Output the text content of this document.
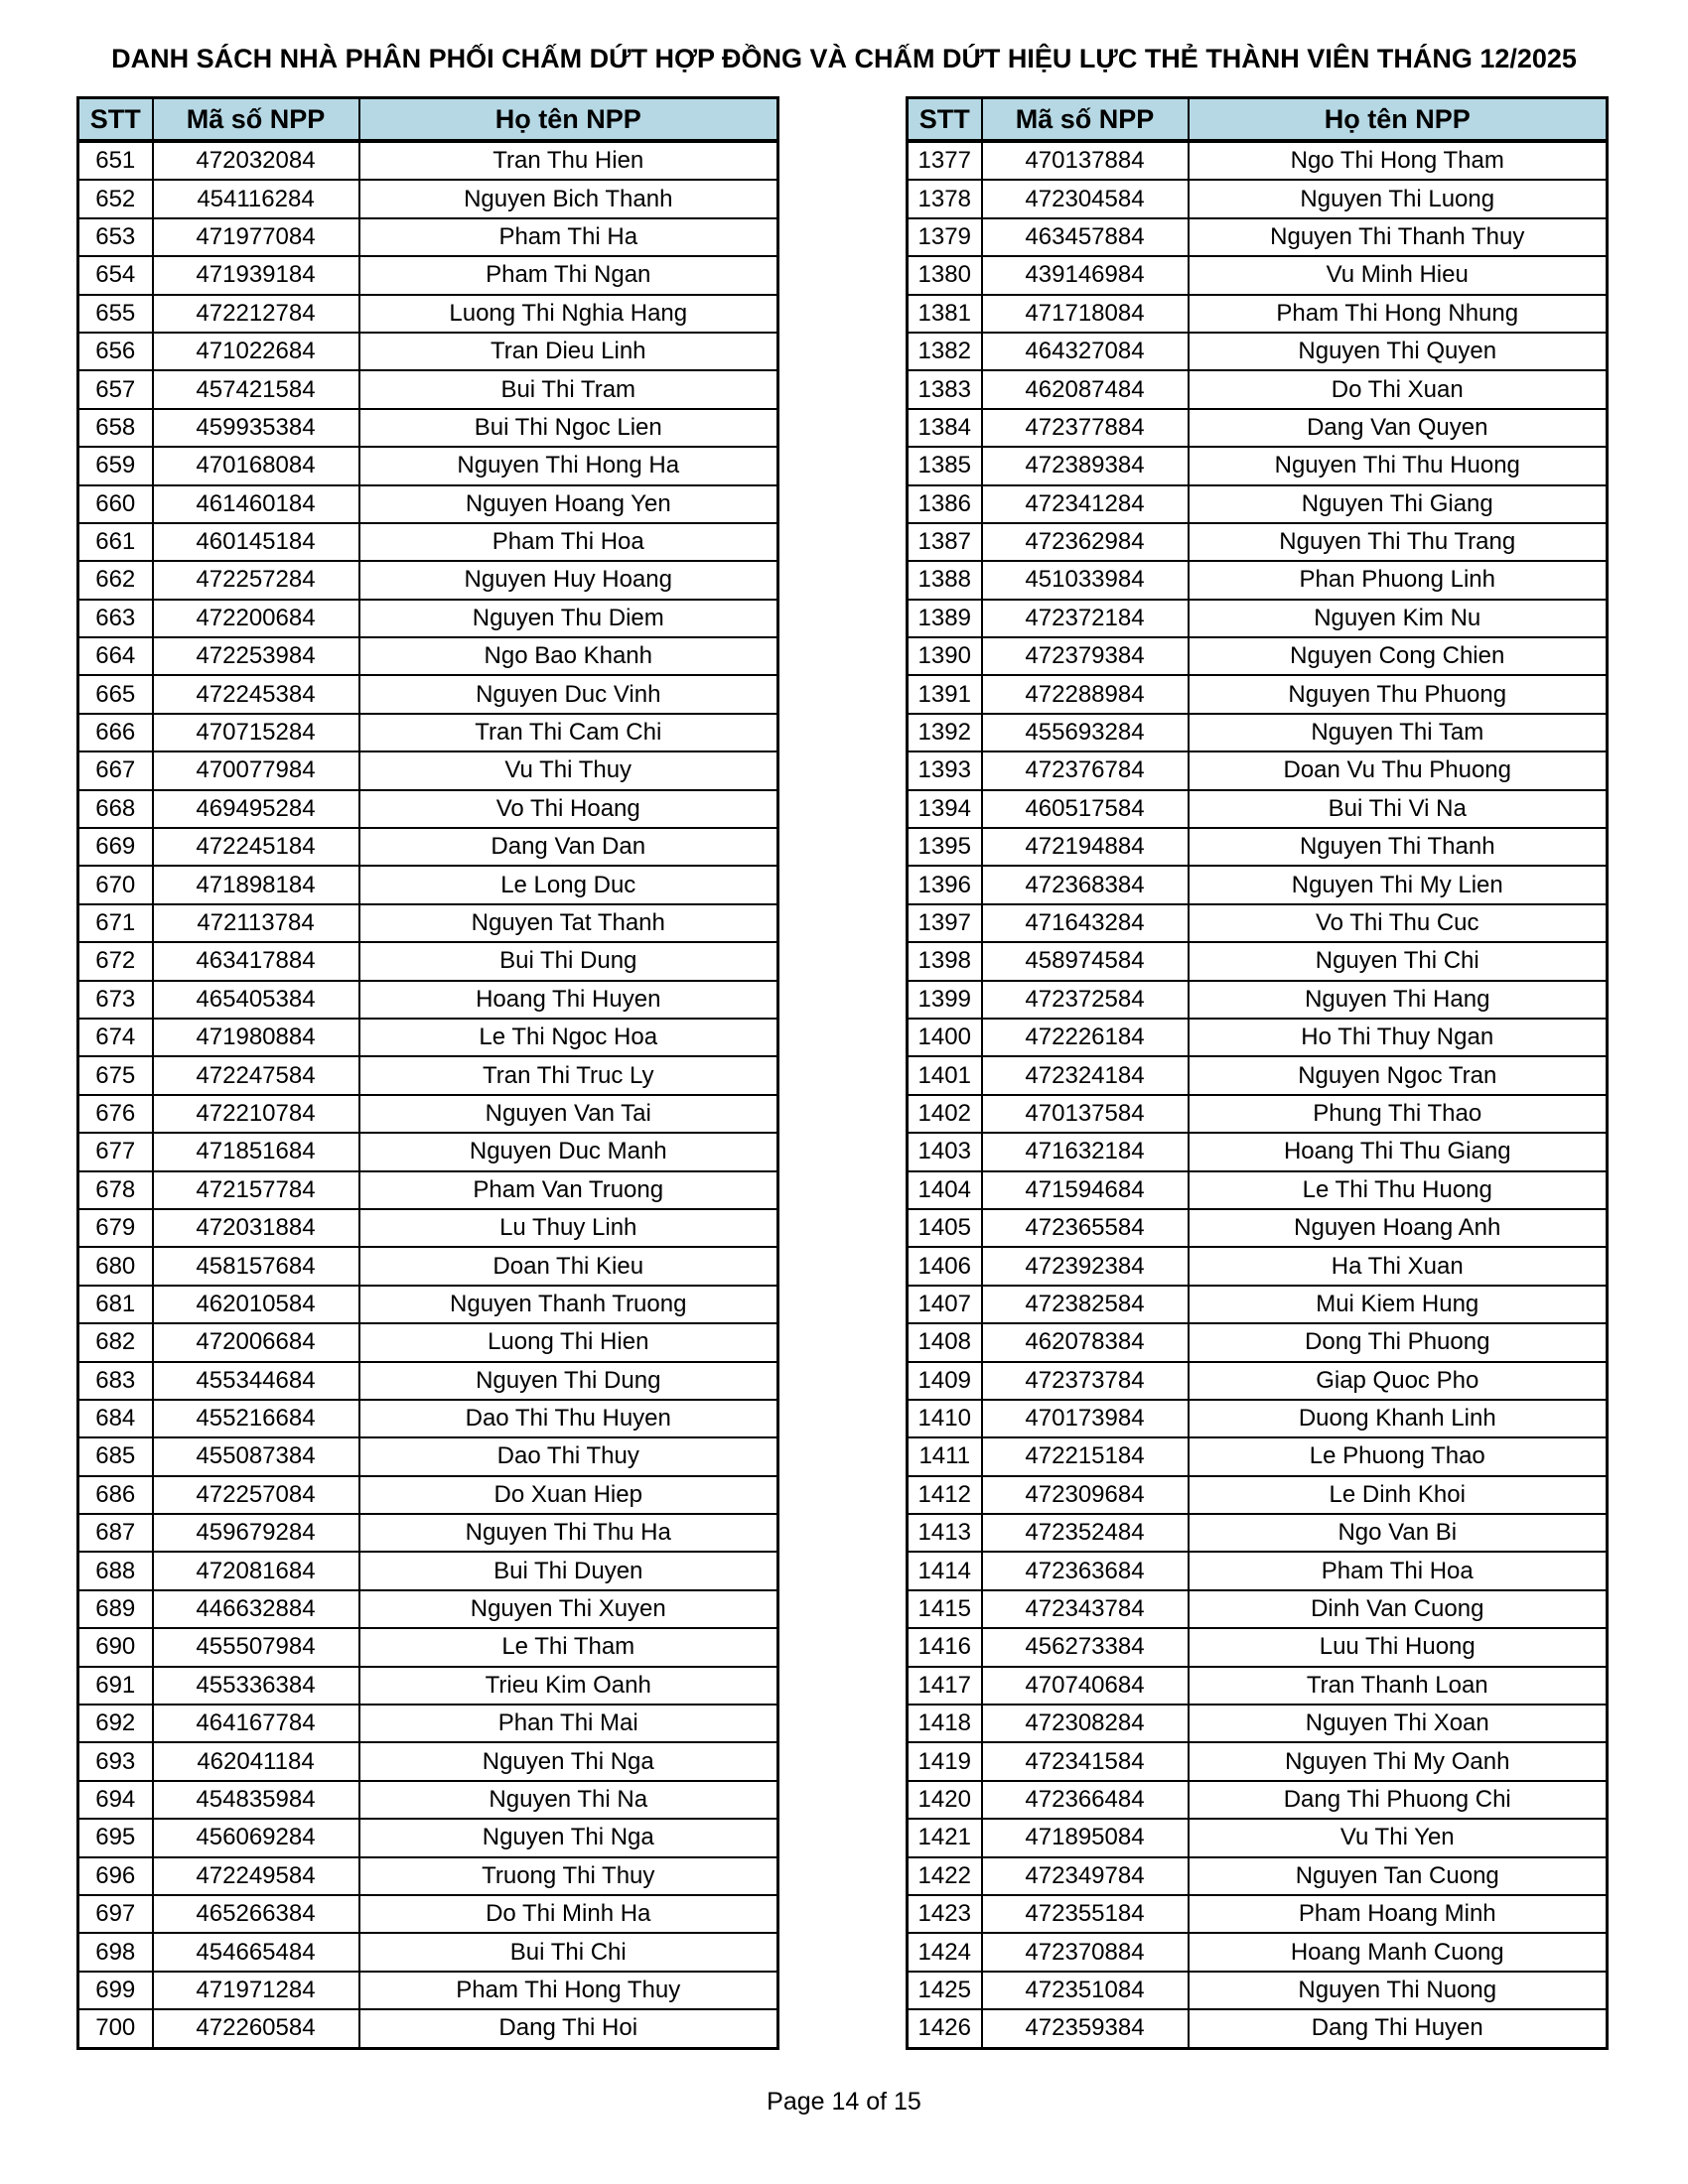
DANH SÁCH NHÀ PHÂN PHỐI CHẤM DỨT HỢP ĐỒNG VÀ CHẤM DỨT HIỆU LỰC THẺ THÀNH VIÊN THÁNG 12/2025
STT	Mã số NPP	Họ tên NPP
651	472032084	Tran Thu Hien
652	454116284	Nguyen Bich Thanh
653	471977084	Pham Thi Ha
654	471939184	Pham Thi Ngan
655	472212784	Luong Thi Nghia Hang
656	471022684	Tran Dieu Linh
657	457421584	Bui Thi Tram
658	459935384	Bui Thi Ngoc Lien
659	470168084	Nguyen Thi Hong Ha
660	461460184	Nguyen Hoang Yen
661	460145184	Pham Thi Hoa
662	472257284	Nguyen Huy Hoang
663	472200684	Nguyen Thu Diem
664	472253984	Ngo Bao Khanh
665	472245384	Nguyen Duc Vinh
666	470715284	Tran Thi Cam Chi
667	470077984	Vu Thi Thuy
668	469495284	Vo Thi Hoang
669	472245184	Dang Van Dan
670	471898184	Le Long Duc
671	472113784	Nguyen Tat Thanh
672	463417884	Bui Thi Dung
673	465405384	Hoang Thi Huyen
674	471980884	Le Thi Ngoc Hoa
675	472247584	Tran Thi Truc Ly
676	472210784	Nguyen Van Tai
677	471851684	Nguyen Duc Manh
678	472157784	Pham Van Truong
679	472031884	Lu Thuy Linh
680	458157684	Doan Thi Kieu
681	462010584	Nguyen Thanh Truong
682	472006684	Luong Thi Hien
683	455344684	Nguyen Thi Dung
684	455216684	Dao Thi Thu Huyen
685	455087384	Dao Thi Thuy
686	472257084	Do Xuan Hiep
687	459679284	Nguyen Thi Thu Ha
688	472081684	Bui Thi Duyen
689	446632884	Nguyen Thi Xuyen
690	455507984	Le Thi Tham
691	455336384	Trieu Kim Oanh
692	464167784	Phan Thi Mai
693	462041184	Nguyen Thi Nga
694	454835984	Nguyen Thi Na
695	456069284	Nguyen Thi Nga
696	472249584	Truong Thi Thuy
697	465266384	Do Thi Minh Ha
698	454665484	Bui Thi Chi
699	471971284	Pham Thi Hong Thuy
700	472260584	Dang Thi Hoi
STT	Mã số NPP	Họ tên NPP
1377	470137884	Ngo Thi Hong Tham
1378	472304584	Nguyen Thi Luong
1379	463457884	Nguyen Thi Thanh Thuy
1380	439146984	Vu Minh Hieu
1381	471718084	Pham Thi Hong Nhung
1382	464327084	Nguyen Thi Quyen
1383	462087484	Do Thi Xuan
1384	472377884	Dang Van Quyen
1385	472389384	Nguyen Thi Thu Huong
1386	472341284	Nguyen Thi Giang
1387	472362984	Nguyen Thi Thu Trang
1388	451033984	Phan Phuong Linh
1389	472372184	Nguyen Kim Nu
1390	472379384	Nguyen Cong Chien
1391	472288984	Nguyen Thu Phuong
1392	455693284	Nguyen Thi Tam
1393	472376784	Doan Vu Thu Phuong
1394	460517584	Bui Thi Vi Na
1395	472194884	Nguyen Thi Thanh
1396	472368384	Nguyen Thi My Lien
1397	471643284	Vo Thi Thu Cuc
1398	458974584	Nguyen Thi Chi
1399	472372584	Nguyen Thi Hang
1400	472226184	Ho Thi Thuy Ngan
1401	472324184	Nguyen Ngoc Tran
1402	470137584	Phung Thi Thao
1403	471632184	Hoang Thi Thu Giang
1404	471594684	Le Thi Thu Huong
1405	472365584	Nguyen Hoang Anh
1406	472392384	Ha Thi Xuan
1407	472382584	Mui Kiem Hung
1408	462078384	Dong Thi Phuong
1409	472373784	Giap Quoc Pho
1410	470173984	Duong Khanh Linh
1411	472215184	Le Phuong Thao
1412	472309684	Le Dinh Khoi
1413	472352484	Ngo Van Bi
1414	472363684	Pham Thi Hoa
1415	472343784	Dinh Van Cuong
1416	456273384	Luu Thi Huong
1417	470740684	Tran Thanh Loan
1418	472308284	Nguyen Thi Xoan
1419	472341584	Nguyen Thi My Oanh
1420	472366484	Dang Thi Phuong Chi
1421	471895084	Vu Thi Yen
1422	472349784	Nguyen Tan Cuong
1423	472355184	Pham Hoang Minh
1424	472370884	Hoang Manh Cuong
1425	472351084	Nguyen Thi Nuong
1426	472359384	Dang Thi Huyen
Page 14 of 15
